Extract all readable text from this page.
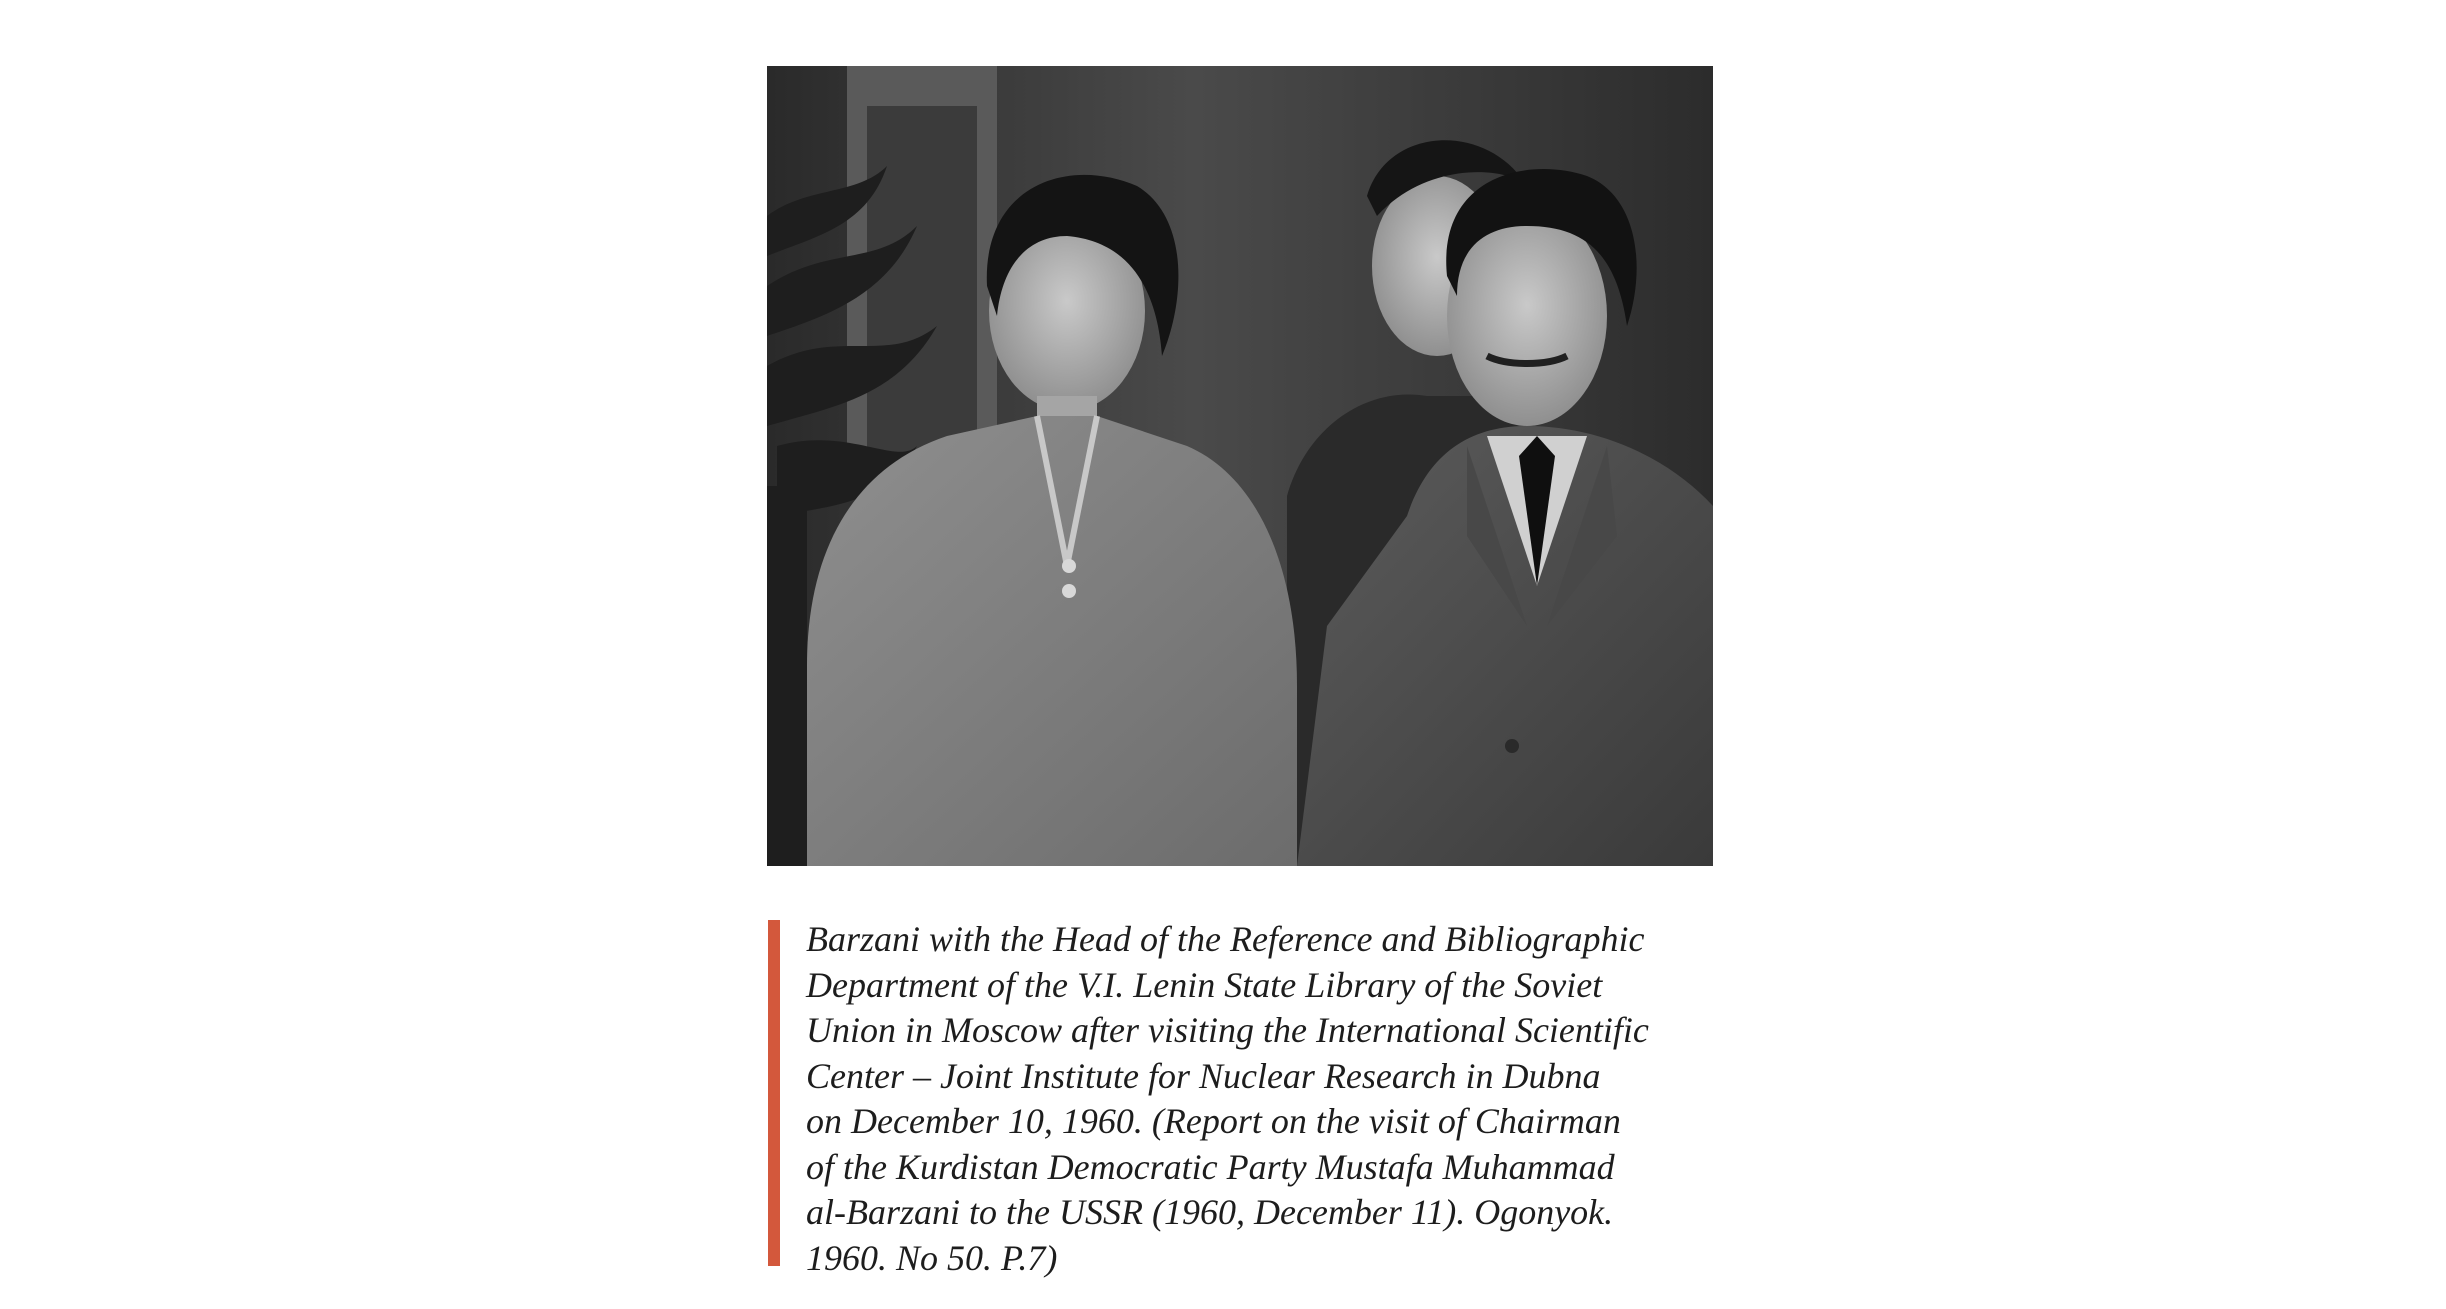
Barzani with the Head of the Reference and Bibliographic
Department of the V.I. Lenin State Library of the Soviet
Union in Moscow after visiting the International Scientific
Center – Joint Institute for Nuclear Research in Dubna
on December 10, 1960. (Report on the visit of Chairman
of the Kurdistan Democratic Party Mustafa Muhammad
al-Barzani to the USSR (1960, December 11). Ogonyok.
1960. No 50. P.7)
